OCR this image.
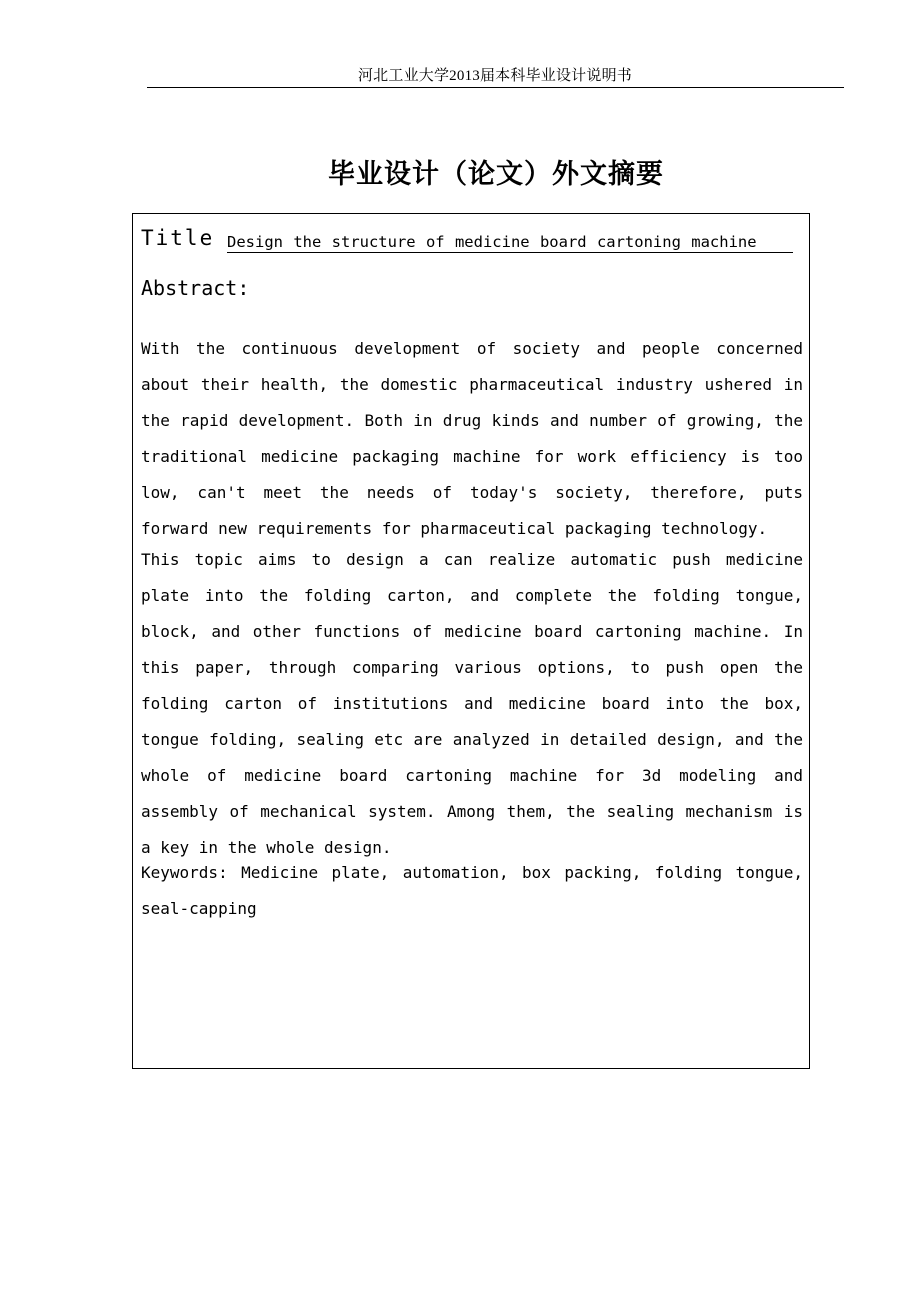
河北工业大学2013届本科毕业设计说明书
毕业设计（论文）外文摘要
Title Design the structure of medicine board cartoning machine
Abstract:

With the continuous development of society and people concerned about their health, the domestic pharmaceutical industry ushered in the rapid development. Both in drug kinds and number of growing, the traditional medicine packaging machine for work efficiency is too low, can't meet the needs of today's society, therefore, puts forward new requirements for pharmaceutical packaging technology.

This topic aims to design a can realize automatic push medicine plate into the folding carton, and complete the folding tongue, block, and other functions of medicine board cartoning machine. In this paper, through comparing various options, to push open the folding carton of institutions and medicine board into the box, tongue folding, sealing etc are analyzed in detailed design, and the whole of medicine board cartoning machine for 3d modeling and assembly of mechanical system. Among them, the sealing mechanism is a key in the whole design.

Keywords: Medicine plate, automation, box packing, folding tongue, seal-capping
